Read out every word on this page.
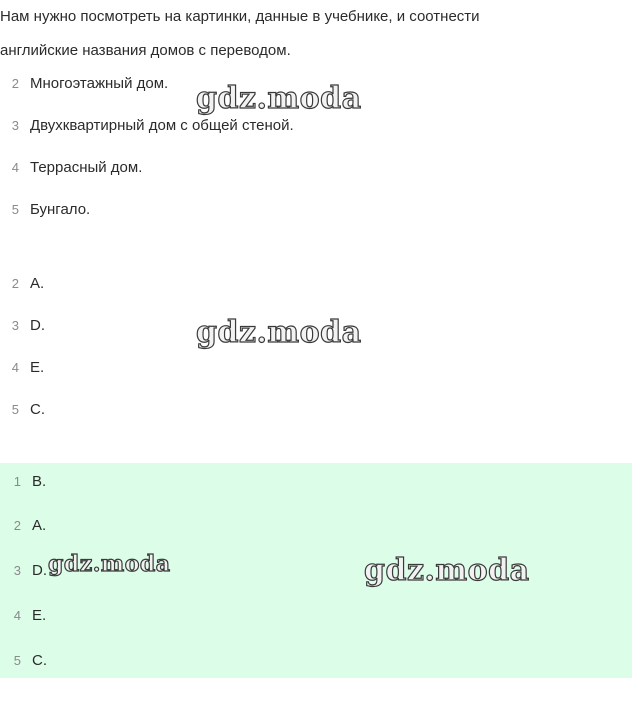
Нам нужно посмотреть на картинки, данные в учебнике, и соотнести

английские названия домов с переводом.

2 Многоэтажный дом.
3 Двухквартирный дом с общей стеной.
4 Террасный дом.
5 Бунгало.
2 A.
3 D.
4 E.
5 C.
1 B.
2 A.
3 D.
4 E.
5 C.
gdz.moda
gdz.moda
gdz.moda	gdz.moda
